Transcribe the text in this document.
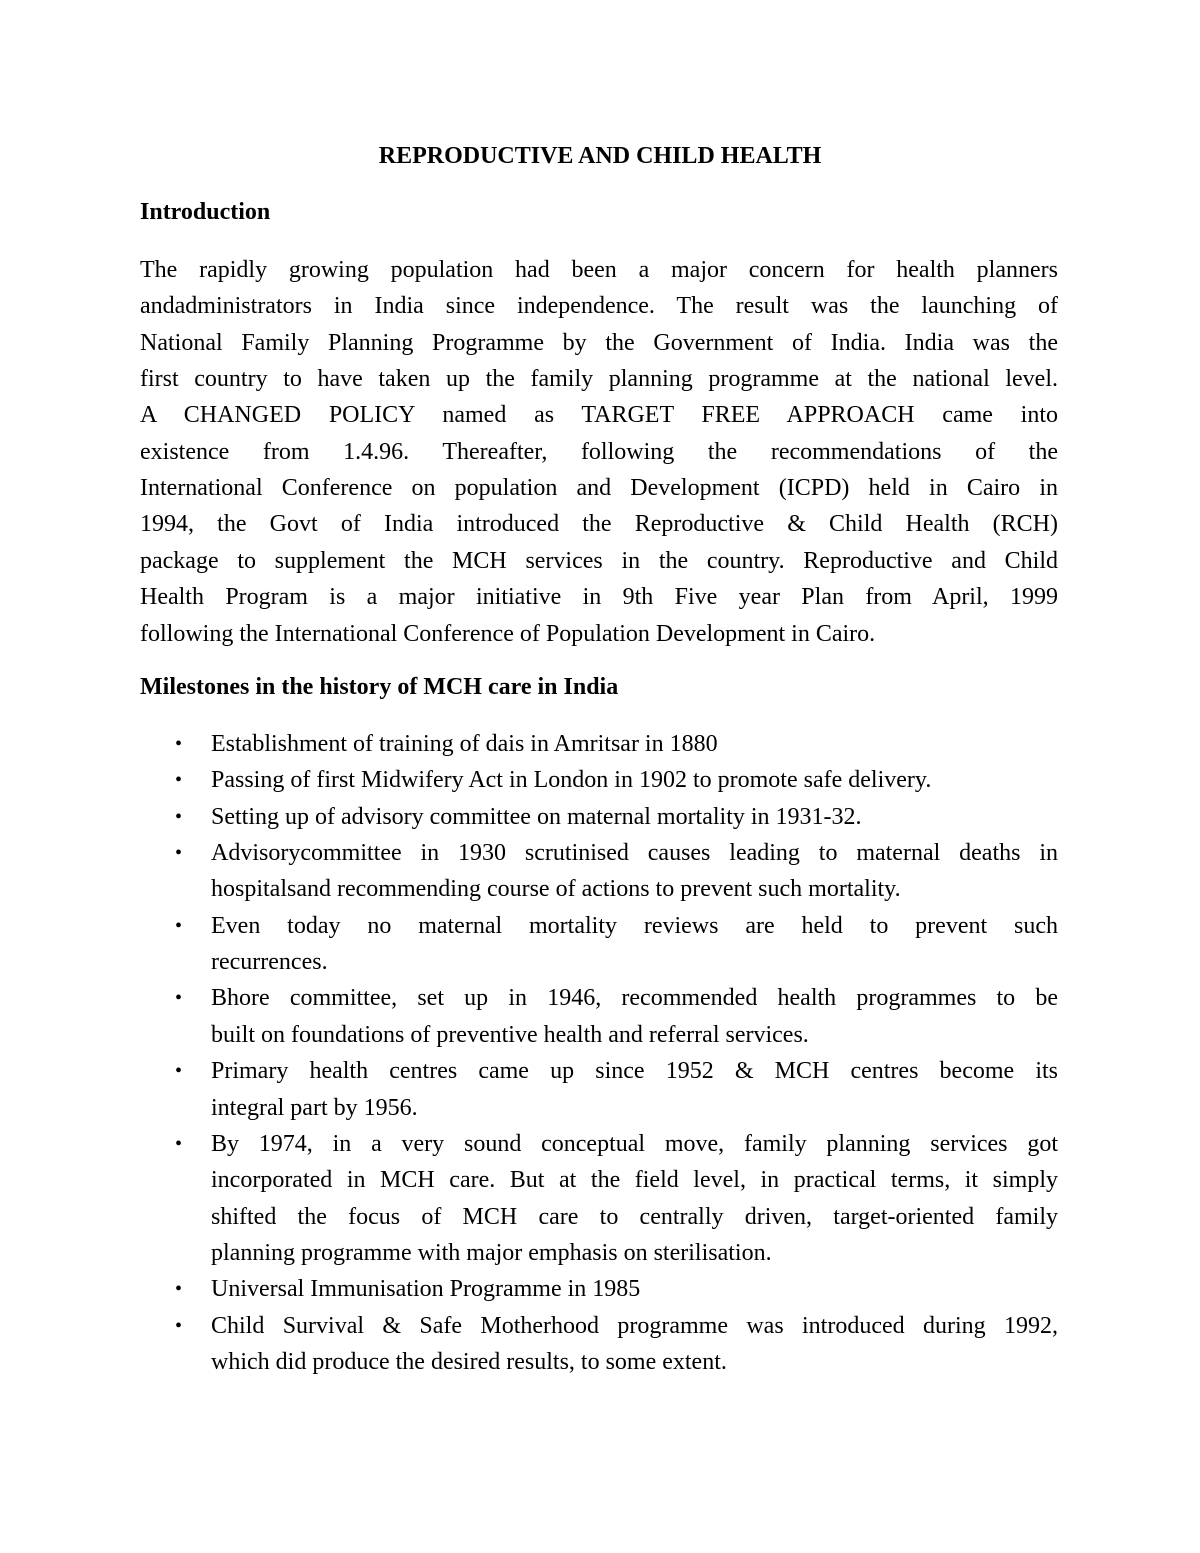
REPRODUCTIVE AND CHILD HEALTH
Introduction
The rapidly growing population had been a major concern for health planners
andadministrators in India since independence. The result was the launching of
National Family Planning Programme by the Government of India. India was the
first country to have taken up the family planning programme at the national level.
A CHANGED POLICY named as TARGET FREE APPROACH came into
existence from 1.4.96. Thereafter, following the recommendations of the
International Conference on population and Development (ICPD) held in Cairo in
1994, the Govt of India introduced the Reproductive & Child Health (RCH)
package to supplement the MCH services in the country. Reproductive and Child
Health Program is a major initiative in 9th Five year Plan from April, 1999
following the International Conference of Population Development in Cairo.
Milestones in the history of MCH care in India
• Establishment of training of dais in Amritsar in 1880
• Passing of first Midwifery Act in London in 1902 to promote safe delivery.
• Setting up of advisory committee on maternal mortality in 1931-32.
• Advisorycommittee in 1930 scrutinised causes leading to maternal deaths in
hospitalsand recommending course of actions to prevent such mortality.
• Even today no maternal mortality reviews are held to prevent such
recurrences.
• Bhore committee, set up in 1946, recommended health programmes to be
built on foundations of preventive health and referral services.
• Primary health centres came up since 1952 & MCH centres become its
integral part by 1956.
• By 1974, in a very sound conceptual move, family planning services got
incorporated in MCH care. But at the field level, in practical terms, it simply
shifted the focus of MCH care to centrally driven, target-oriented family
planning programme with major emphasis on sterilisation.
• Universal Immunisation Programme in 1985
• Child Survival & Safe Motherhood programme was introduced during 1992,
which did produce the desired results, to some extent.
